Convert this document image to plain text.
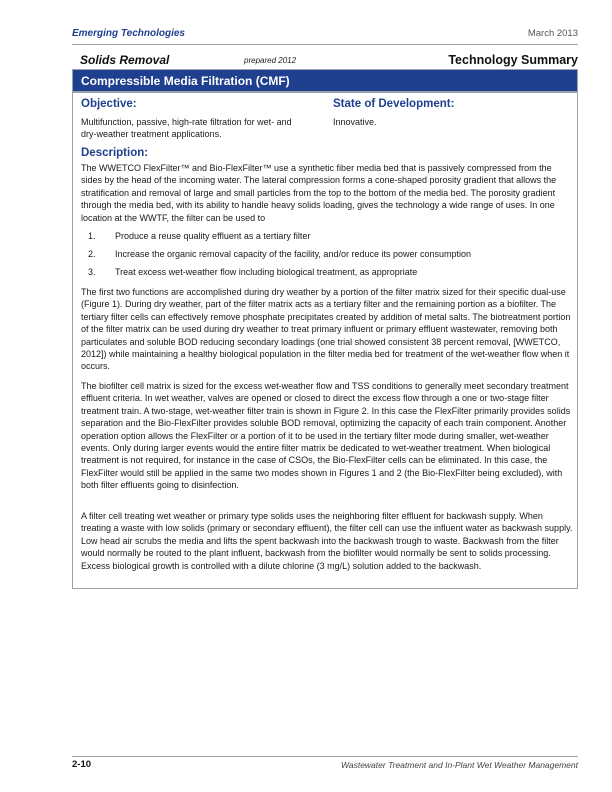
Emerging Technologies	March 2013
Solids Removal	prepared 2012	Technology Summary
Compressible Media Filtration (CMF)
Objective:
Multifunction, passive, high-rate filtration for wet- and dry-weather treatment applications.
State of Development:
Innovative.
Description:

The WWETCO FlexFilter™ and Bio-FlexFilter™ use a synthetic fiber media bed that is passively compressed from the sides by the head of the incoming water. The lateral compression forms a cone-shaped porosity gradient that allows the stratification and removal of large and small particles from the top to the bottom of the media bed. The porosity gradient through the media bed, with its ability to handle heavy solids loading, gives the technology a wide range of uses. In one location at the WWTF, the filter can be used to

1.	Produce a reuse quality effluent as a tertiary filter
2.	Increase the organic removal capacity of the facility, and/or reduce its power consumption
3.	Treat excess wet-weather flow including biological treatment, as appropriate
The first two functions are accomplished during dry weather by a portion of the filter matrix sized for their specific dual-use (Figure 1). During dry weather, part of the filter matrix acts as a tertiary filter and the remaining portion as a biofilter. The tertiary filter cells can effectively remove phosphate precipitates created by addition of metal salts. The biotreatment portion of the filter matrix can be used during dry weather to treat primary influent or primary effluent wastewater, removing both particulates and soluble BOD reducing secondary loadings (one trial showed consistent 38 percent removal, [WWETCO, 2012]) while maintaining a healthy biological population in the filter media bed for treatment of the wet-weather flow when it occurs.
The biofilter cell matrix is sized for the excess wet-weather flow and TSS conditions to generally meet secondary treatment effluent criteria. In wet weather, valves are opened or closed to direct the excess flow through a one or two-stage filter treatment train. A two-stage, wet-weather filter train is shown in Figure 2. In this case the FlexFilter primarily provides solids separation and the Bio-FlexFilter provides soluble BOD removal, optimizing the capacity of each train component. Another operation option allows the FlexFilter or a portion of it to be used in the tertiary filter mode during smaller, wet-weather events. Only during larger events would the entire filter matrix be dedicated to wet-weather treatment. When biological treatment is not required, for instance in the case of CSOs, the Bio-FlexFilter cells can be eliminated. In this case, the FlexFilter would still be applied in the same two modes shown in Figures 1 and 2 (the Bio-FlexFilter being excluded), with both filter effluents going to disinfection.
A filter cell treating wet weather or primary type solids uses the neighboring filter effluent for backwash supply. When treating a waste with low solids (primary or secondary effluent), the filter cell can use the influent water as backwash supply. Low head air scrubs the media and lifts the spent backwash into the backwash trough to waste. Backwash from the filter would normally be routed to the plant influent, backwash from the biofilter would normally be sent to solids processing. Excess biological growth is controlled with a dilute chlorine (3 mg/L) solution added to the backwash.
2-10	Wastewater Treatment and In-Plant Wet Weather Management
